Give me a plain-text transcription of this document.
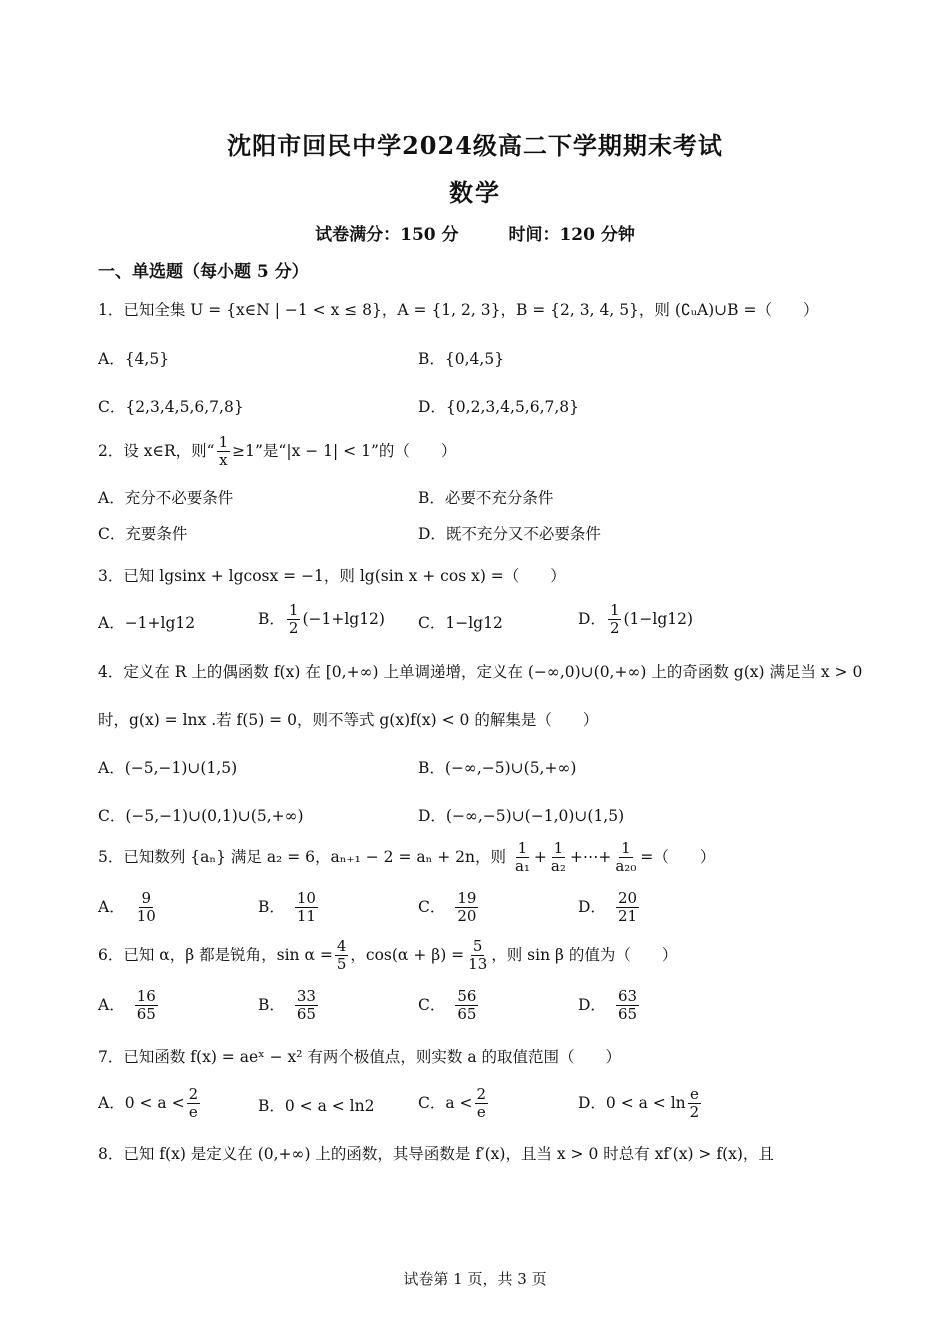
沈阳市回民中学2024级高二下学期期末考试
数学
试卷满分：150 分	时间：120 分钟
一、单选题（每小题 5 分）
1．已知全集 U = {x∈N | −1 < x ≤ 8}，A = {1, 2, 3}，B = {2, 3, 4, 5}，则 (∁ᵤA)∪B =（　　）
A．{4,5}	B．{0,4,5}
C．{2,3,4,5,6,7,8}	D．{0,2,3,4,5,6,7,8}
2．设 x∈R，则“ $\frac{1}{x} \ge 1$”是“|x − 1| < 1”的（　　）
A．充分不必要条件	B．必要不充分条件
C．充要条件	D．既不充分又不必要条件
3．已知 lgsinx + lgcosx = −1，则 lg(sin x + cos x) =（　　）
A．−1+lg12	B． $\frac{1}{2} (-1+\lg 12)$ C．1−lg12	D． $\frac{1}{2} (1-\lg 12)$
4．定义在 R 上的偶函数 f(x) 在 [0,+∞) 上单调递增，定义在 (−∞,0)∪(0,+∞) 上的奇函数 g(x) 满足当 x > 0
时，g(x) = lnx .若 f(5) = 0，则不等式 g(x)f(x) < 0 的解集是（　　）
A．(−5,−1)∪(1,5)	B．(−∞,−5)∪(5,+∞)
C．(−5,−1)∪(0,1)∪(5,+∞)	D．(−∞,−5)∪(−1,0)∪(1,5)
5．已知数列 {aₙ} 满足 a₂ = 6，aₙ₊₁ − 2 = aₙ + 2n，则 $\frac{1}{\text{a₁}} + \frac{1}{\text{a₂}}$ +⋯+ $\frac{1}{\text{a₂₀}}$ =（　　）
A． $\frac{9}{10}$	B． $\frac{10}{11}$	C． $\frac{19}{20}$	D． $\frac{20}{21}$
6．已知 α，β 都是锐角，$\sin \alpha = \frac{4}{5}$ ，$\cos(\alpha + \beta) = \frac{5}{13}$ ，则 sin β 的值为（　　）
A． $\frac{16}{65}$	B． $\frac{33}{65}$	C． $\frac{56}{65}$	D． $\frac{63}{65}$
7．已知函数 f(x) = aeˣ − x² 有两个极值点，则实数 a 的取值范围（　　）
A．$0 < a < \frac{2}{e}$	B．0 < a < ln2	C．$a < \frac{2}{e}$	D．$0 < a < \ln \frac{e}{2}$
8．已知 f(x) 是定义在 (0,+∞) 上的函数，其导函数是 f′(x)，且当 x > 0 时总有 xf′(x) > f(x)，且
试卷第 1 页，共 3 页
